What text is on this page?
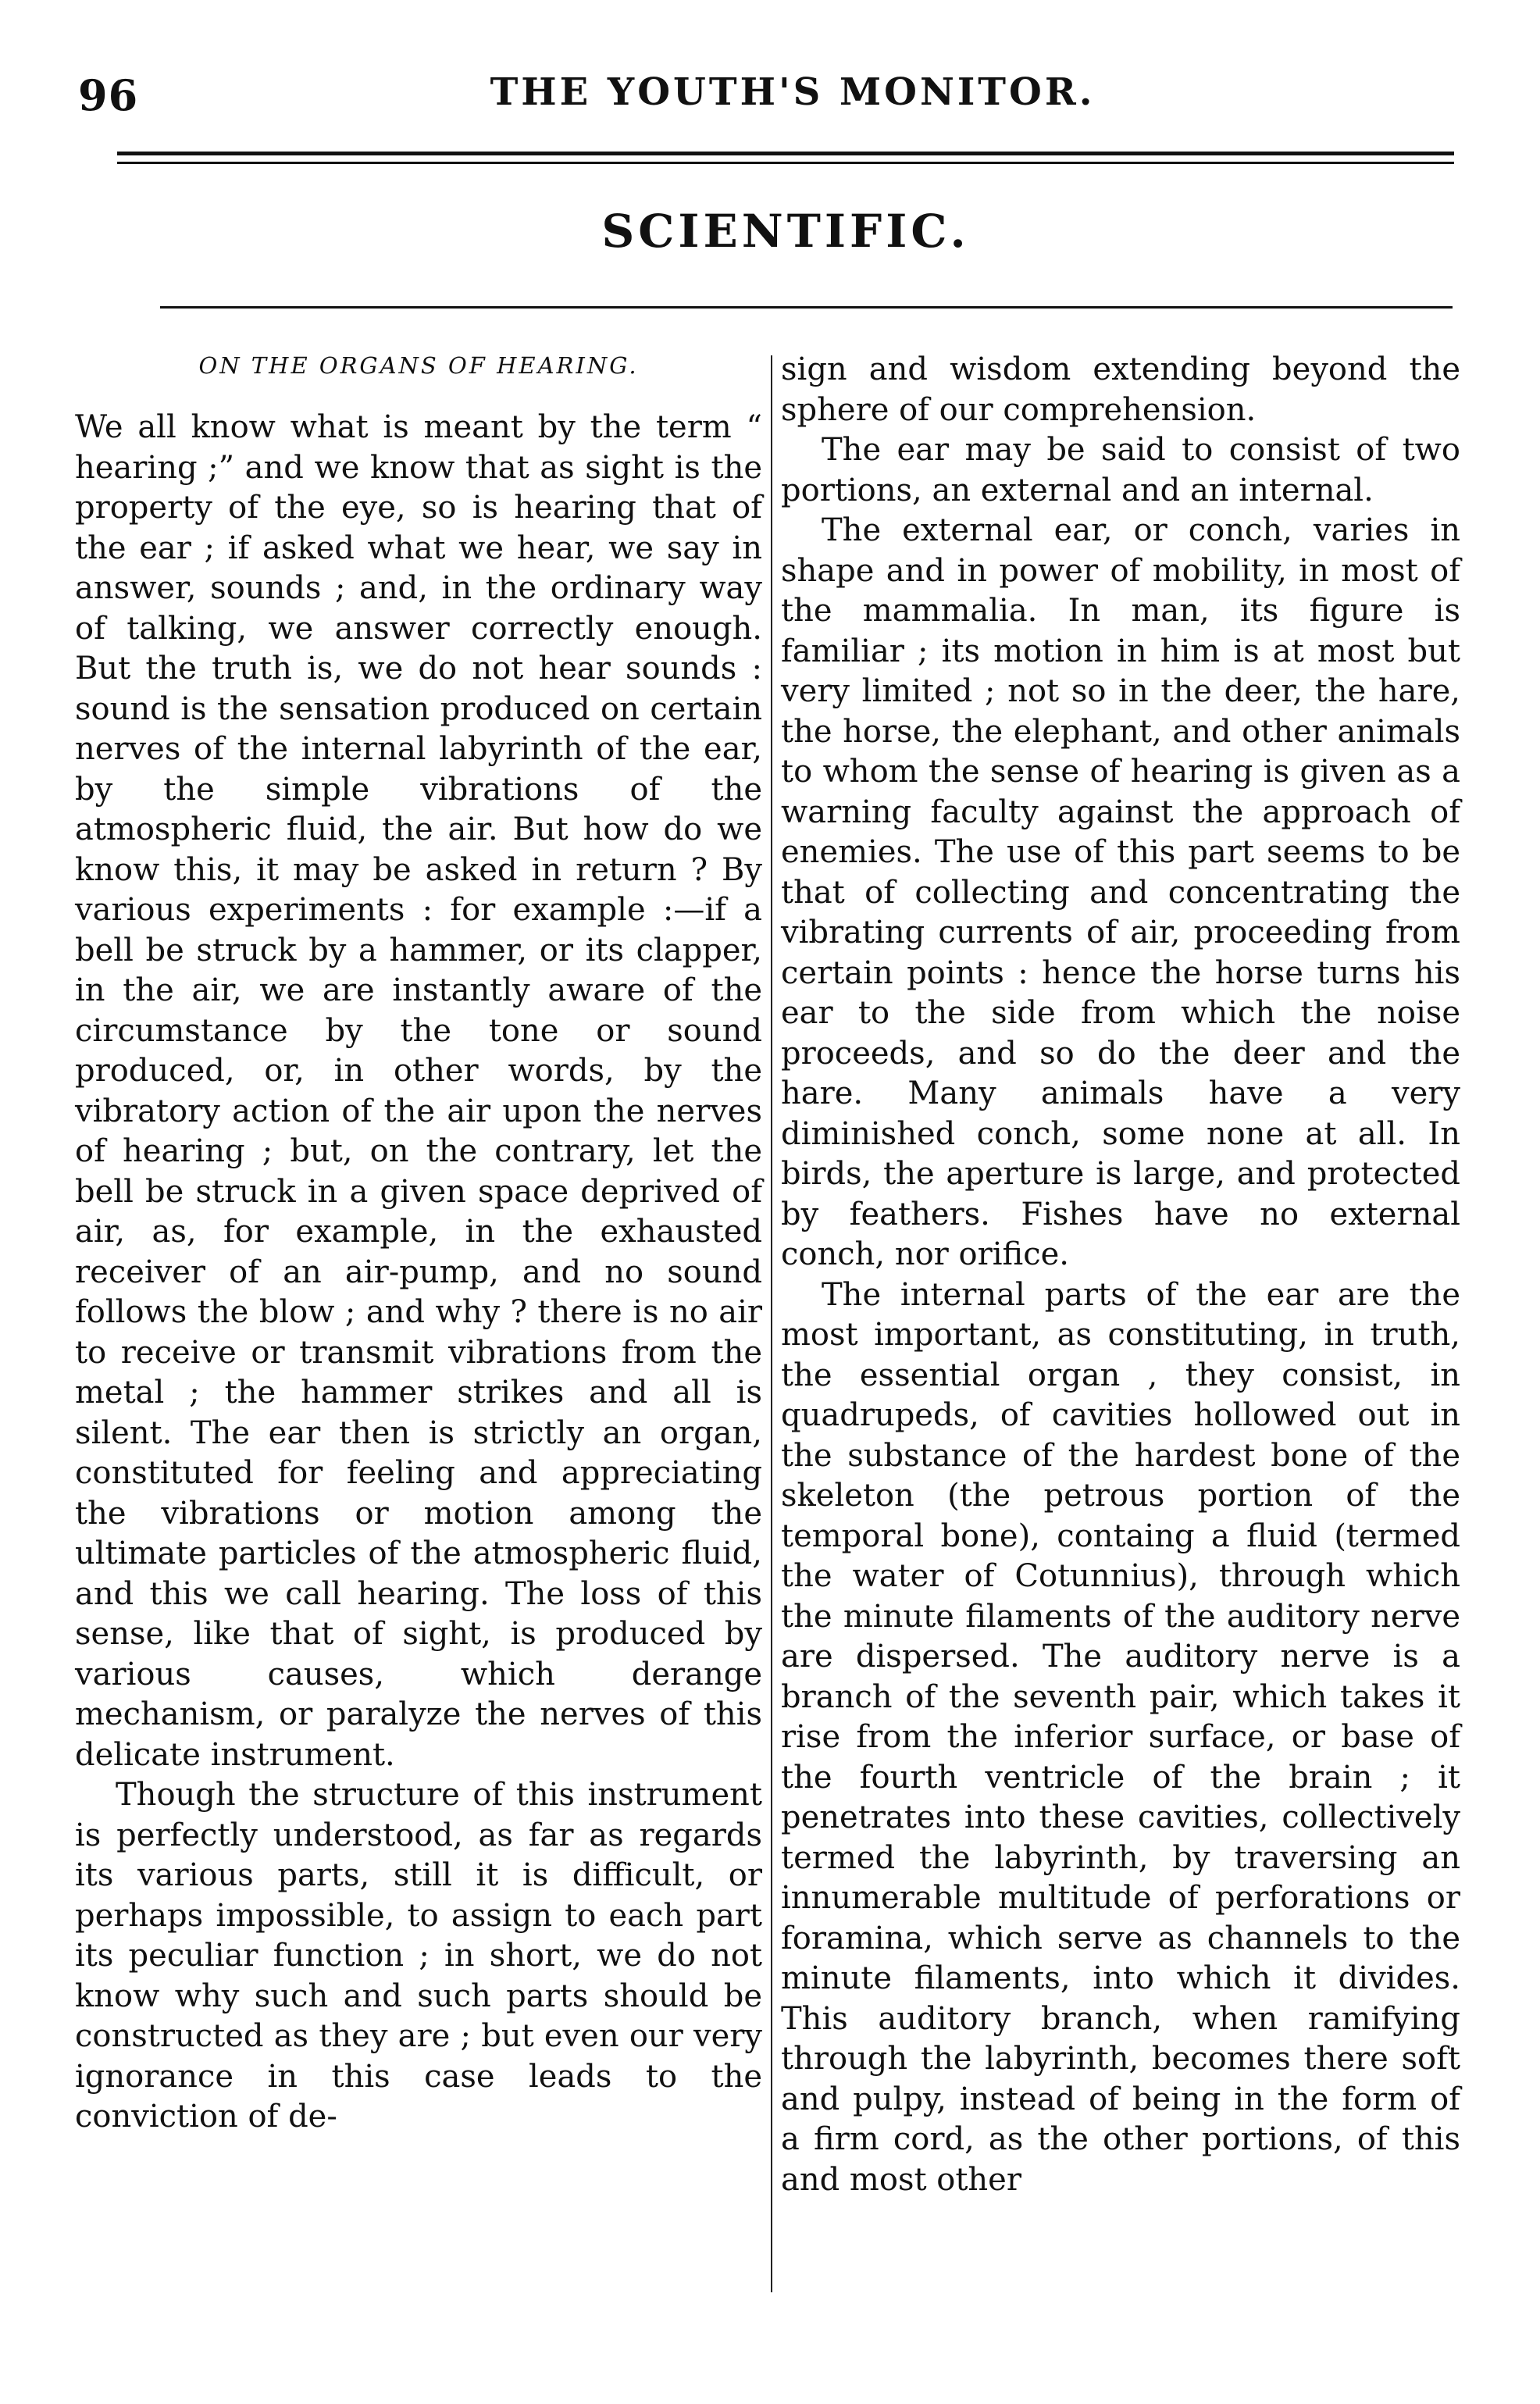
96	THE YOUTH'S MONITOR.
SCIENTIFIC.
ON THE ORGANS OF HEARING.

We all know what is meant by the term “ hearing ;” and we know that as sight is the property of the eye, so is hearing that of the ear ; if asked what we hear, we say in answer, sounds ; and, in the ordinary way of talking, we answer correctly enough. But the truth is, we do not hear sounds : sound is the sensation produced on certain nerves of the internal labyrinth of the ear, by the simple vibrations of the atmospheric fluid, the air. But how do we know this, it may be asked in return ? By various experiments : for example :—if a bell be struck by a hammer, or its clapper, in the air, we are instantly aware of the circumstance by the tone or sound produced, or, in other words, by the vibratory action of the air upon the nerves of hearing ; but, on the contrary, let the bell be struck in a given space deprived of air, as, for example, in the exhausted receiver of an air-pump, and no sound follows the blow ; and why ? there is no air to receive or transmit vibrations from the metal ; the hammer strikes and all is silent. The ear then is strictly an organ, constituted for feeling and appreciating the vibrations or motion among the ultimate particles of the atmospheric fluid, and this we call hearing. The loss of this sense, like that of sight, is produced by various causes, which derange mechanism, or paralyze the nerves of this delicate instrument.

Though the structure of this instrument is perfectly understood, as far as regards its various parts, still it is difficult, or perhaps impossible, to assign to each part its peculiar function ; in short, we do not know why such and such parts should be constructed as they are ; but even our very ignorance in this case leads to the conviction of de-

sign and wisdom extending beyond the sphere of our comprehension.

The ear may be said to consist of two portions, an external and an internal.

The external ear, or conch, varies in shape and in power of mobility, in most of the mammalia. In man, its figure is familiar ; its motion in him is at most but very limited ; not so in the deer, the hare, the horse, the elephant, and other animals to whom the sense of hearing is given as a warning faculty against the approach of enemies. The use of this part seems to be that of collecting and concentrating the vibrating currents of air, proceeding from certain points : hence the horse turns his ear to the side from which the noise proceeds, and so do the deer and the hare. Many animals have a very diminished conch, some none at all. In birds, the aperture is large, and protected by feathers. Fishes have no external conch, nor orifice.

The internal parts of the ear are the most important, as constituting, in truth, the essential organ , they consist, in quadrupeds, of cavities hollowed out in the substance of the hardest bone of the skeleton (the petrous portion of the temporal bone), containg a fluid (termed the water of Cotunnius), through which the minute filaments of the auditory nerve are dispersed. The auditory nerve is a branch of the seventh pair, which takes it rise from the inferior surface, or base of the fourth ventricle of the brain ; it penetrates into these cavities, collectively termed the labyrinth, by traversing an innumerable multitude of perforations or foramina, which serve as channels to the minute filaments, into which it divides. This auditory branch, when ramifying through the labyrinth, becomes there soft and pulpy, instead of being in the form of a firm cord, as the other portions, of this and most other
